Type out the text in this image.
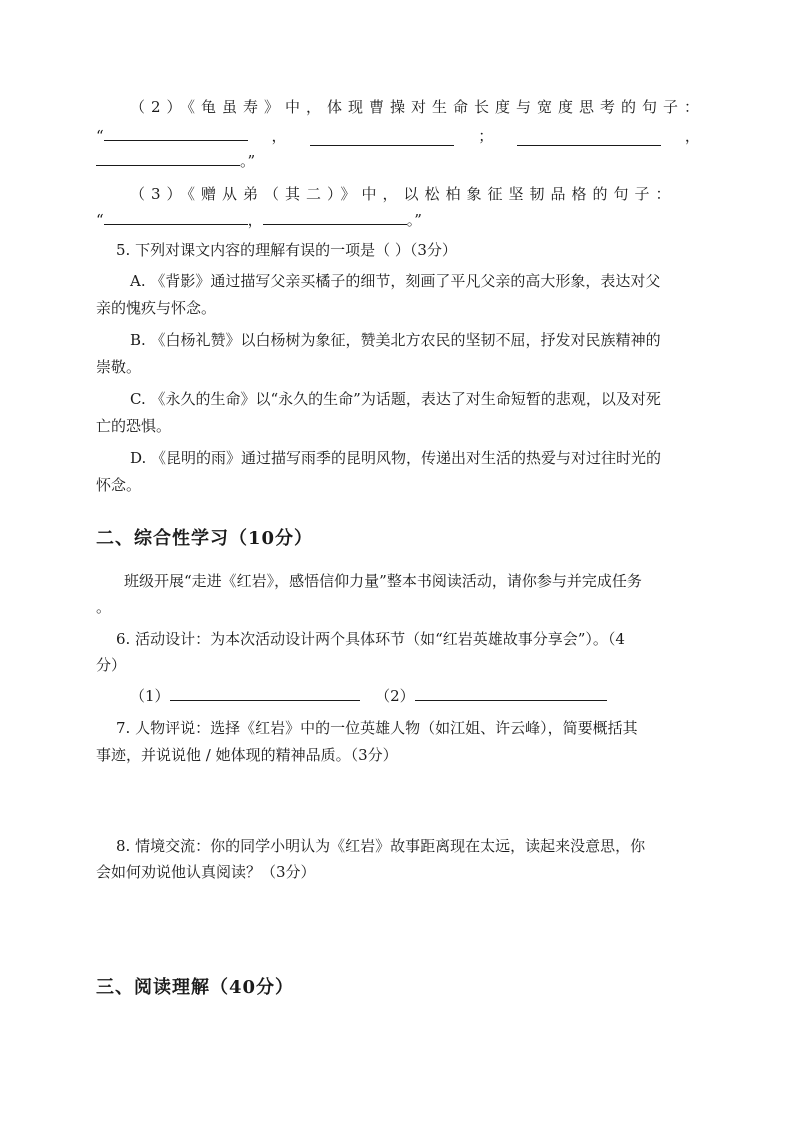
（2）《龟虽寿》中，体现曹操对生命长度与宽度思考的句子：
“	，	；	，
。”
（3）《赠从弟（其二）》中，以松柏象征坚韧品格的句子：
“	，	。”
5. 下列对课文内容的理解有误的一项是（ ）（3分）
A. 《背影》通过描写父亲买橘子的细节，刻画了平凡父亲的高大形象，表达对父
亲的愧疚与怀念。
B. 《白杨礼赞》以白杨树为象征，赞美北方农民的坚韧不屈，抒发对民族精神的
崇敬。
C. 《永久的生命》以“永久的生命”为话题，表达了对生命短暂的悲观，以及对死
亡的恐惧。
D. 《昆明的雨》通过描写雨季的昆明风物，传递出对生活的热爱与对过往时光的
怀念。
二、综合性学习（10分）
班级开展“走进《红岩》，感悟信仰力量”整本书阅读活动，请你参与并完成任务
。
6. 活动设计：为本次活动设计两个具体环节（如“红岩英雄故事分享会”）。（4
分）
（1）	（2）
7. 人物评说：选择《红岩》中的一位英雄人物（如江姐、许云峰），简要概括其
事迹，并说说他 / 她体现的精神品质。（3分）
8. 情境交流：你的同学小明认为《红岩》故事距离现在太远，读起来没意思，你
会如何劝说他认真阅读？（3分）
三、阅读理解（40分）
